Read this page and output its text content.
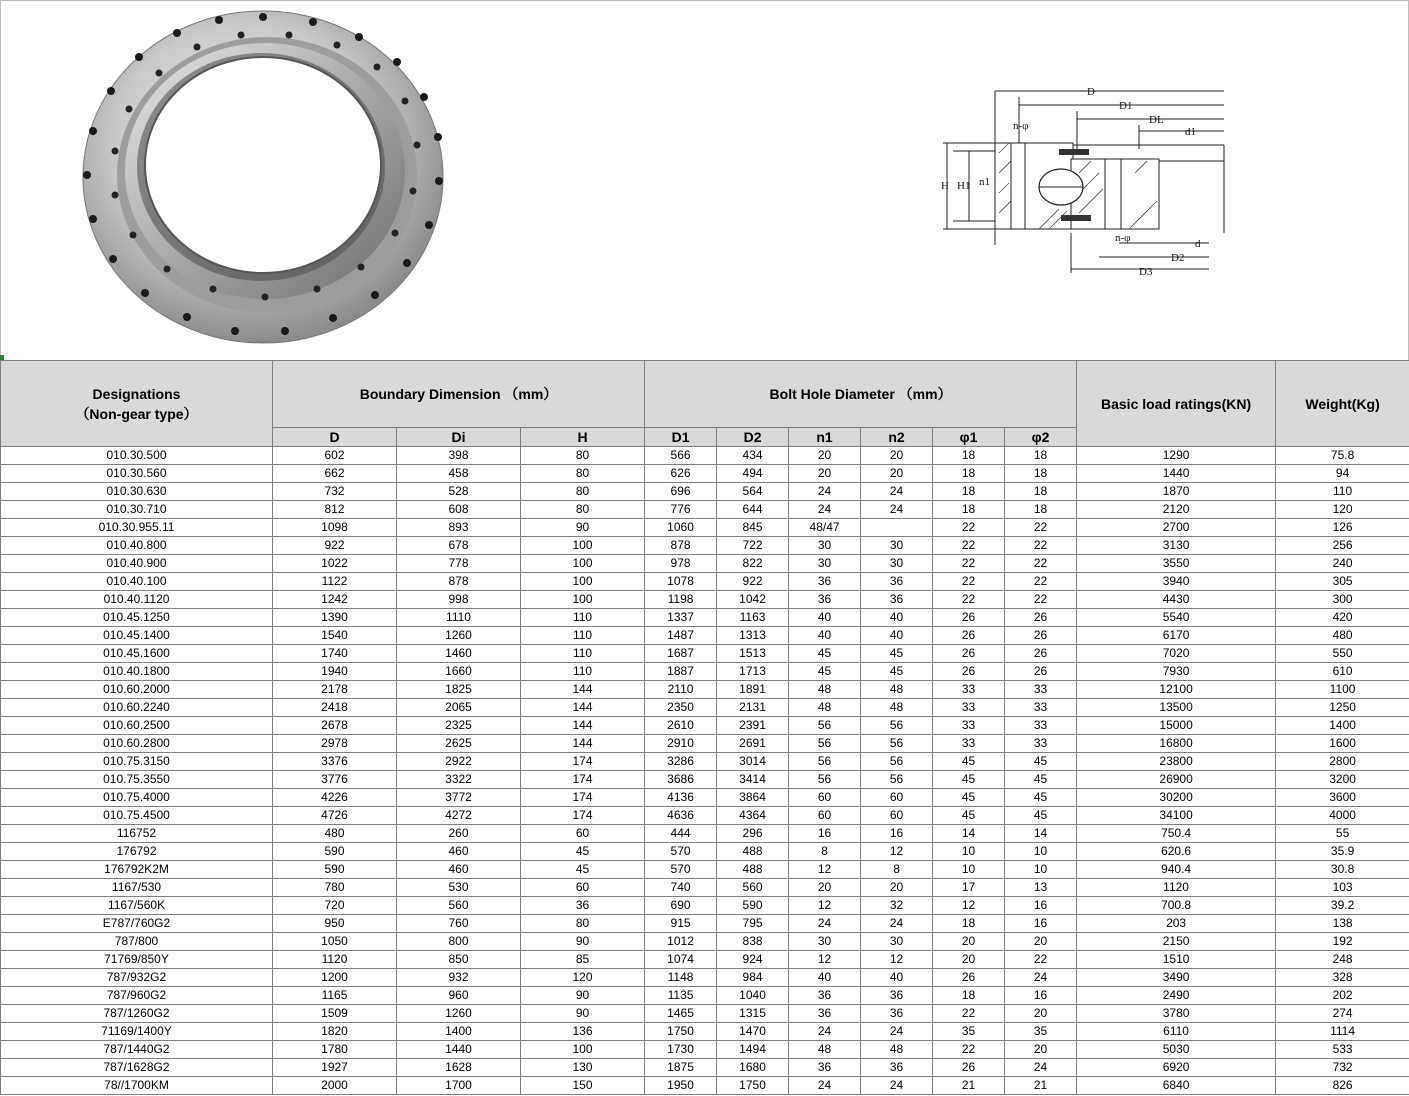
D
D1
DL
d1
n-φ
H H1 n1
n-φ	d
D2
D3
Designations
（Non-gear type）	Boundary Dimension （mm）			Bolt Hole Diameter （mm）						Basic load ratings(KN)	Weight(Kg)
	D	Di	H	D1	D2	n1	n2	φ1	φ2		
010.30.500	602	398	80	566	434	20	20	18	18	1290	75.8
010.30.560	662	458	80	626	494	20	20	18	18	1440	94
010.30.630	732	528	80	696	564	24	24	18	18	1870	110
010.30.710	812	608	80	776	644	24	24	18	18	2120	120
010.30.955.11	1098	893	90	1060	845	48/47		22	22	2700	126
010.40.800	922	678	100	878	722	30	30	22	22	3130	256
010.40.900	1022	778	100	978	822	30	30	22	22	3550	240
010.40.100	1122	878	100	1078	922	36	36	22	22	3940	305
010.40.1120	1242	998	100	1198	1042	36	36	22	22	4430	300
010.45.1250	1390	1110	110	1337	1163	40	40	26	26	5540	420
010.45.1400	1540	1260	110	1487	1313	40	40	26	26	6170	480
010.45.1600	1740	1460	110	1687	1513	45	45	26	26	7020	550
010.40.1800	1940	1660	110	1887	1713	45	45	26	26	7930	610
010.60.2000	2178	1825	144	2110	1891	48	48	33	33	12100	1100
010.60.2240	2418	2065	144	2350	2131	48	48	33	33	13500	1250
010.60.2500	2678	2325	144	2610	2391	56	56	33	33	15000	1400
010.60.2800	2978	2625	144	2910	2691	56	56	33	33	16800	1600
010.75.3150	3376	2922	174	3286	3014	56	56	45	45	23800	2800
010.75.3550	3776	3322	174	3686	3414	56	56	45	45	26900	3200
010.75.4000	4226	3772	174	4136	3864	60	60	45	45	30200	3600
010.75.4500	4726	4272	174	4636	4364	60	60	45	45	34100	4000
116752	480	260	60	444	296	16	16	14	14	750.4	55
176792	590	460	45	570	488	8	12	10	10	620.6	35.9
176792K2M	590	460	45	570	488	12	8	10	10	940.4	30.8
1167/530	780	530	60	740	560	20	20	17	13	1120	103
1167/560K	720	560	36	690	590	12	32	12	16	700.8	39.2
E787/760G2	950	760	80	915	795	24	24	18	16	203	138
787/800	1050	800	90	1012	838	30	30	20	20	2150	192
71769/850Y	1120	850	85	1074	924	12	12	20	22	1510	248
787/932G2	1200	932	120	1148	984	40	40	26	24	3490	328
787/960G2	1165	960	90	1135	1040	36	36	18	16	2490	202
787/1260G2	1509	1260	90	1465	1315	36	36	22	20	3780	274
71169/1400Y	1820	1400	136	1750	1470	24	24	35	35	6110	1114
787/1440G2	1780	1440	100	1730	1494	48	48	22	20	5030	533
787/1628G2	1927	1628	130	1875	1680	36	36	26	24	6920	732
78//1700KM	2000	1700	150	1950	1750	24	24	21	21	6840	826
